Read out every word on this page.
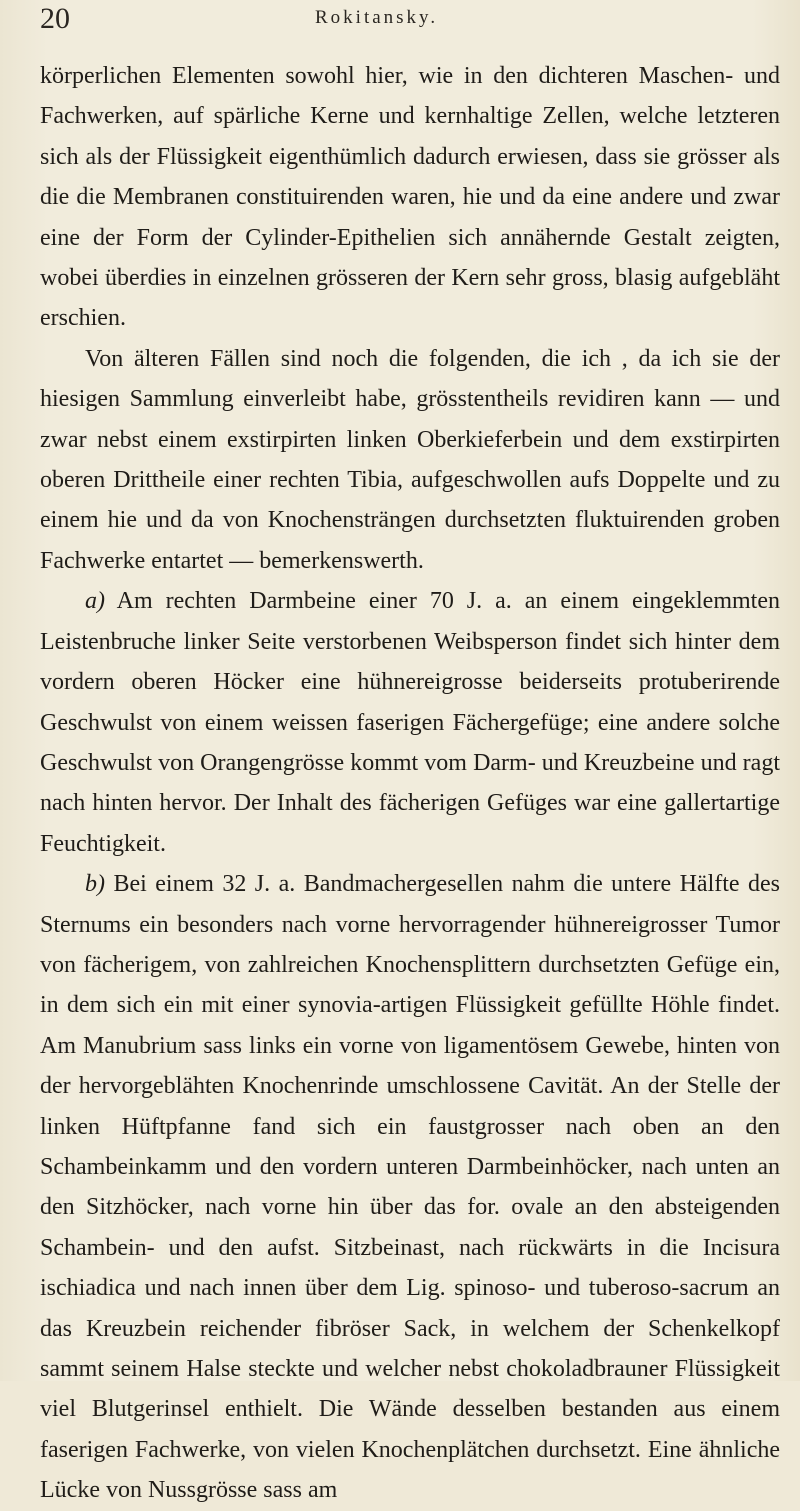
20	Rokitansky.

körperlichen Elementen sowohl hier, wie in den dichteren Maschen- und Fachwerken, auf spärliche Kerne und kernhaltige Zellen, welche letzteren sich als der Flüssigkeit eigenthümlich dadurch erwiesen, dass sie grösser als die die Membranen constituirenden waren, hie und da eine andere und zwar eine der Form der Cylinder-Epithelien sich annähernde Gestalt zeigten, wobei überdies in einzelnen grösseren der Kern sehr gross, blasig aufgebläht erschien.

Von älteren Fällen sind noch die folgenden, die ich , da ich sie der hiesigen Sammlung einverleibt habe, grösstentheils revidiren kann — und zwar nebst einem exstirpirten linken Oberkieferbein und dem exstirpirten oberen Drittheile einer rechten Tibia, aufgeschwollen aufs Doppelte und zu einem hie und da von Knochensträngen durchsetzten fluktuirenden groben Fachwerke entartet — bemerkenswerth.

a) Am rechten Darmbeine einer 70 J. a. an einem eingeklemmten Leistenbruche linker Seite verstorbenen Weibsperson findet sich hinter dem vordern oberen Höcker eine hühnereigrosse beiderseits protuberirende Geschwulst von einem weissen faserigen Fächergefüge; eine andere solche Geschwulst von Orangengrösse kommt vom Darm- und Kreuzbeine und ragt nach hinten hervor. Der Inhalt des fächerigen Gefüges war eine gallertartige Feuchtigkeit.

b) Bei einem 32 J. a. Bandmachergesellen nahm die untere Hälfte des Sternums ein besonders nach vorne hervorragender hühnereigrosser Tumor von fächerigem, von zahlreichen Knochensplittern durchsetzten Gefüge ein, in dem sich ein mit einer synovia-artigen Flüssigkeit gefüllte Höhle findet. Am Manubrium sass links ein vorne von ligamentösem Gewebe, hinten von der hervorgeblähten Knochenrinde umschlossene Cavität. An der Stelle der linken Hüftpfanne fand sich ein faustgrosser nach oben an den Schambeinkamm und den vordern unteren Darmbeinhöcker, nach unten an den Sitzhöcker, nach vorne hin über das for. ovale an den absteigenden Schambein- und den aufst. Sitzbeinast, nach rückwärts in die Incisura ischiadica und nach innen über dem Lig. spinoso- und tuberoso-sacrum an das Kreuzbein reichender fibröser Sack, in welchem der Schenkelkopf sammt seinem Halse steckte und welcher nebst chokoladbrauner Flüssigkeit viel Blutgerinsel enthielt. Die Wände desselben bestanden aus einem faserigen Fachwerke, von vielen Knochenplätchen durchsetzt. Eine ähnliche Lücke von Nussgrösse sass am
